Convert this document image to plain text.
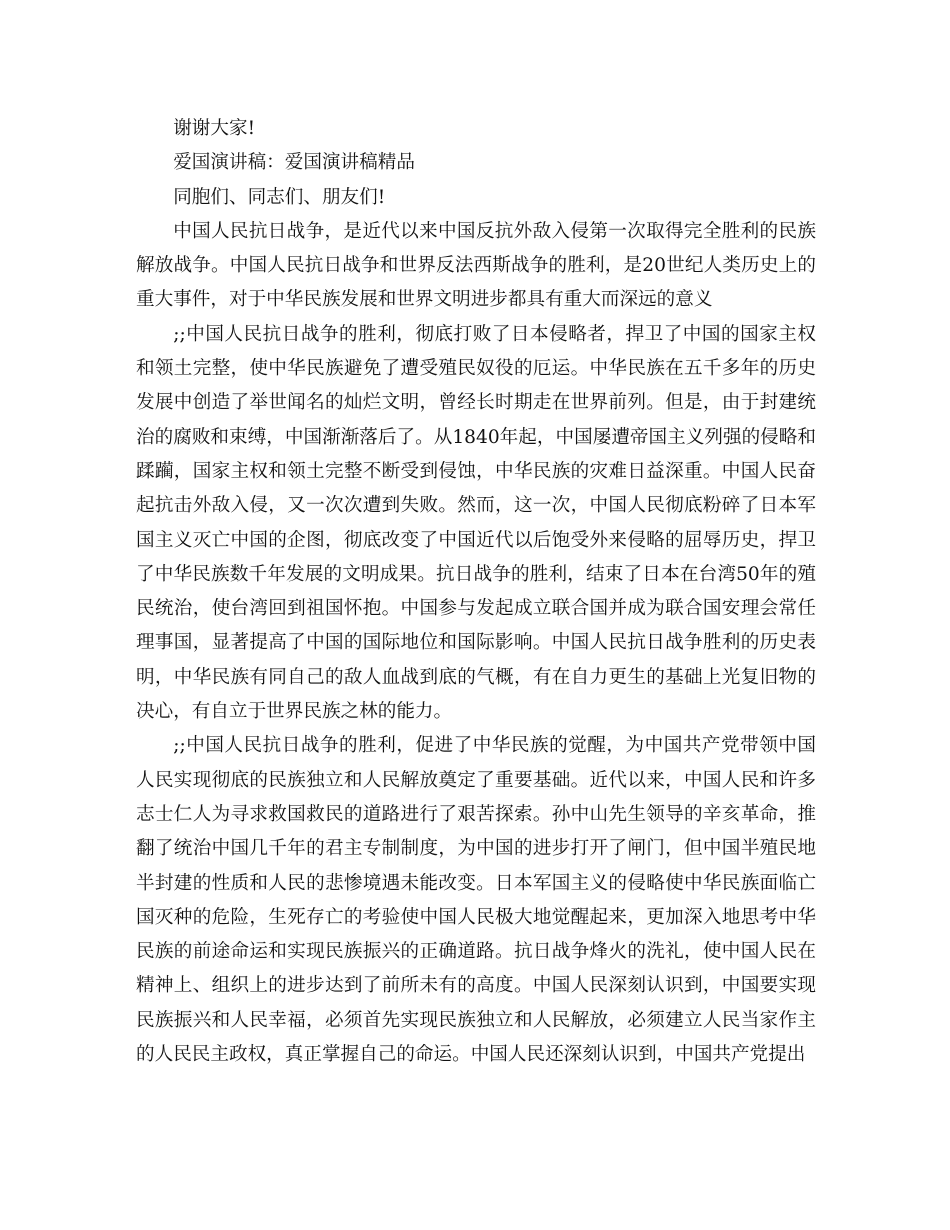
谢谢大家!

爱国演讲稿：爱国演讲稿精品

同胞们、同志们、朋友们!

中国人民抗日战争，是近代以来中国反抗外敌入侵第一次取得完全胜利的民族解放战争。中国人民抗日战争和世界反法西斯战争的胜利，是20世纪人类历史上的重大事件，对于中华民族发展和世界文明进步都具有重大而深远的意义

;;中国人民抗日战争的胜利，彻底打败了日本侵略者，捍卫了中国的国家主权和领土完整，使中华民族避免了遭受殖民奴役的厄运。中华民族在五千多年的历史发展中创造了举世闻名的灿烂文明，曾经长时期走在世界前列。但是，由于封建统治的腐败和束缚，中国渐渐落后了。从1840年起，中国屡遭帝国主义列强的侵略和蹂躏，国家主权和领土完整不断受到侵蚀，中华民族的灾难日益深重。中国人民奋起抗击外敌入侵，又一次次遭到失败。然而，这一次，中国人民彻底粉碎了日本军国主义灭亡中国的企图，彻底改变了中国近代以后饱受外来侵略的屈辱历史，捍卫了中华民族数千年发展的文明成果。抗日战争的胜利，结束了日本在台湾50年的殖民统治，使台湾回到祖国怀抱。中国参与发起成立联合国并成为联合国安理会常任理事国，显著提高了中国的国际地位和国际影响。中国人民抗日战争胜利的历史表明，中华民族有同自己的敌人血战到底的气概，有在自力更生的基础上光复旧物的决心，有自立于世界民族之林的能力。

;;中国人民抗日战争的胜利，促进了中华民族的觉醒，为中国共产党带领中国人民实现彻底的民族独立和人民解放奠定了重要基础。近代以来，中国人民和许多志士仁人为寻求救国救民的道路进行了艰苦探索。孙中山先生领导的辛亥革命，推翻了统治中国几千年的君主专制制度，为中国的进步打开了闸门，但中国半殖民地半封建的性质和人民的悲惨境遇未能改变。日本军国主义的侵略使中华民族面临亡国灭种的危险，生死存亡的考验使中国人民极大地觉醒起来，更加深入地思考中华民族的前途命运和实现民族振兴的正确道路。抗日战争烽火的洗礼，使中国人民在精神上、组织上的进步达到了前所未有的高度。中国人民深刻认识到，中国要实现民族振兴和人民幸福，必须首先实现民族独立和人民解放，必须建立人民当家作主的人民民主政权，真正掌握自己的命运。中国人民还深刻认识到，中国共产党提出
